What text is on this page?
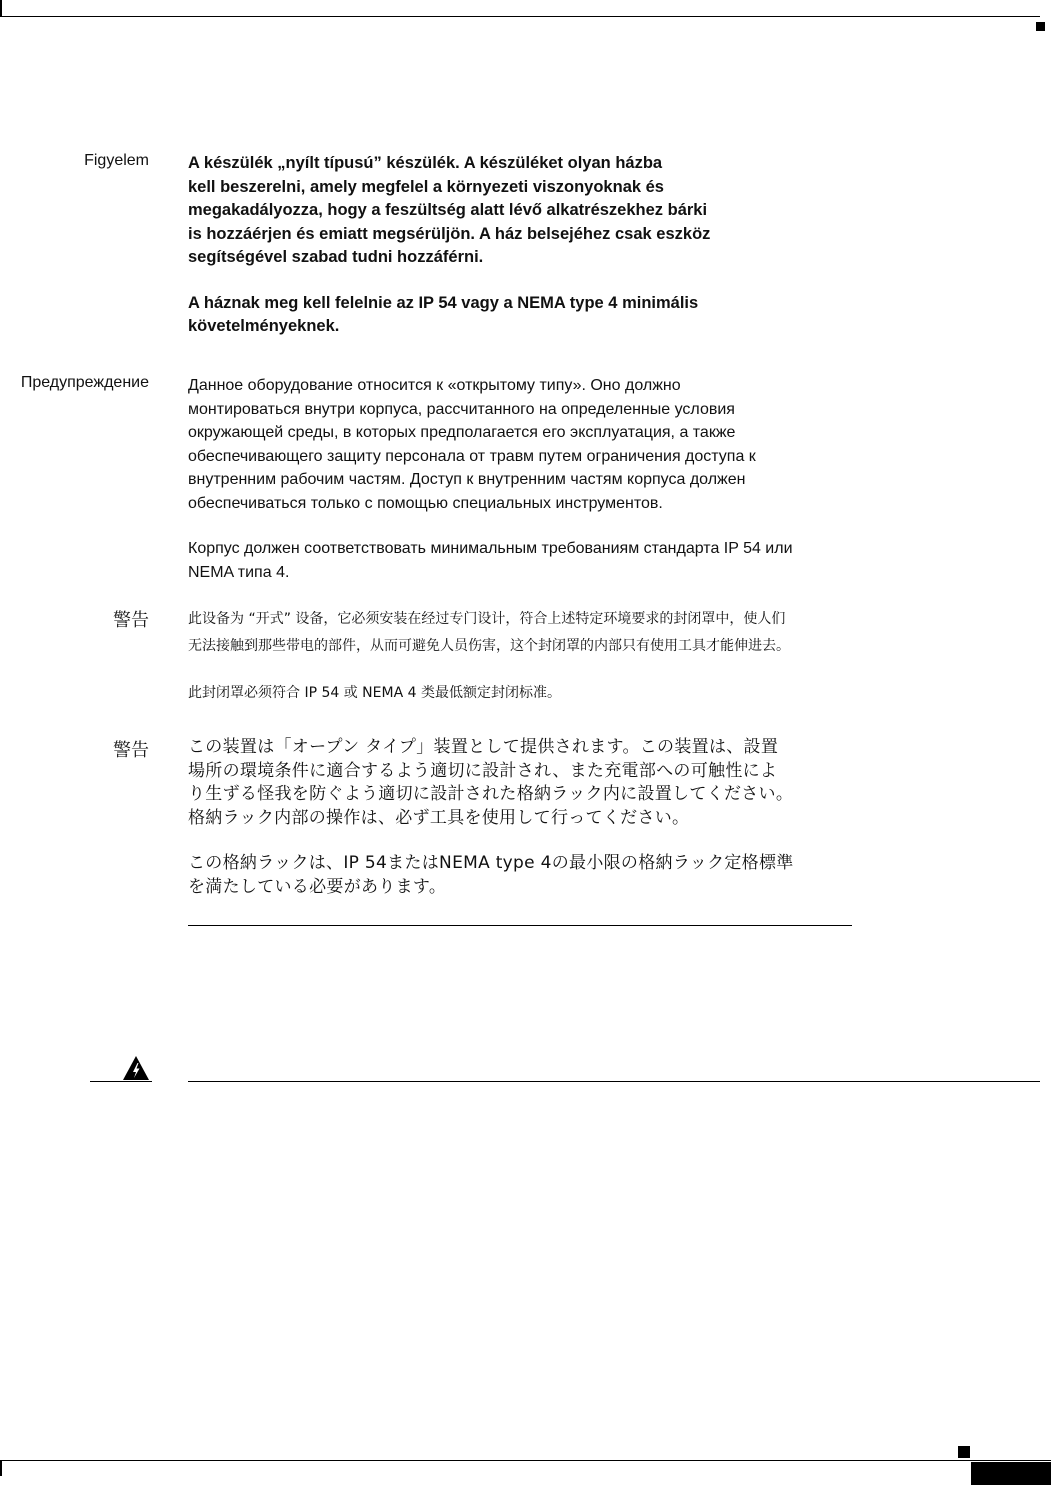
Figyelem A készülék „nyílt típusú” készülék. A készüléket olyan házba
kell beszerelni, amely megfelel a környezeti viszonyoknak és
megakadályozza, hogy a feszültség alatt lévő alkatrészekhez bárki
is hozzáérjen és emiatt megsérüljön. A ház belsejéhez csak eszköz
segítségével szabad tudni hozzáférni.

A háznak meg kell felelnie az IP 54 vagy a NEMA type 4 minimális
követelményeknek.

Предупреждение Данное оборудование относится к «открытому типу». Оно должно
монтироваться внутри корпуса, рассчитанного на определенные условия
окружающей среды, в которых предполагается его эксплуатация, а также
обеспечивающего защиту персонала от травм путем ограничения доступа к
внутренним рабочим частям. Доступ к внутренним частям корпуса должен
обеспечиваться только с помощью специальных инструментов.

Корпус должен соответствовать минимальным требованиям стандарта IP 54 или
NEMA типа 4.

警告	此设备为 “开式” 设备，它必须安装在经过专门设计，符合上述特定环境要求的封闭罩中，使人们
无法接触到那些带电的部件，从而可避免人员伤害，这个封闭罩的内部只有使用工具才能伸进去。

此封闭罩必须符合 IP 54 或 NEMA 4 类最低额定封闭标准。

警告 この装置は「オープン タイプ」装置として提供されます。この装置は、設置
場所の環境条件に適合するよう適切に設計され、また充電部への可触性によ
り生ずる怪我を防ぐよう適切に設計された格納ラック内に設置してください。
格納ラック内部の操作は、必ず工具を使用して行ってください。

この格納ラックは、IP 54またはNEMA type 4の最小限の格納ラック定格標準
を満たしている必要があります。
